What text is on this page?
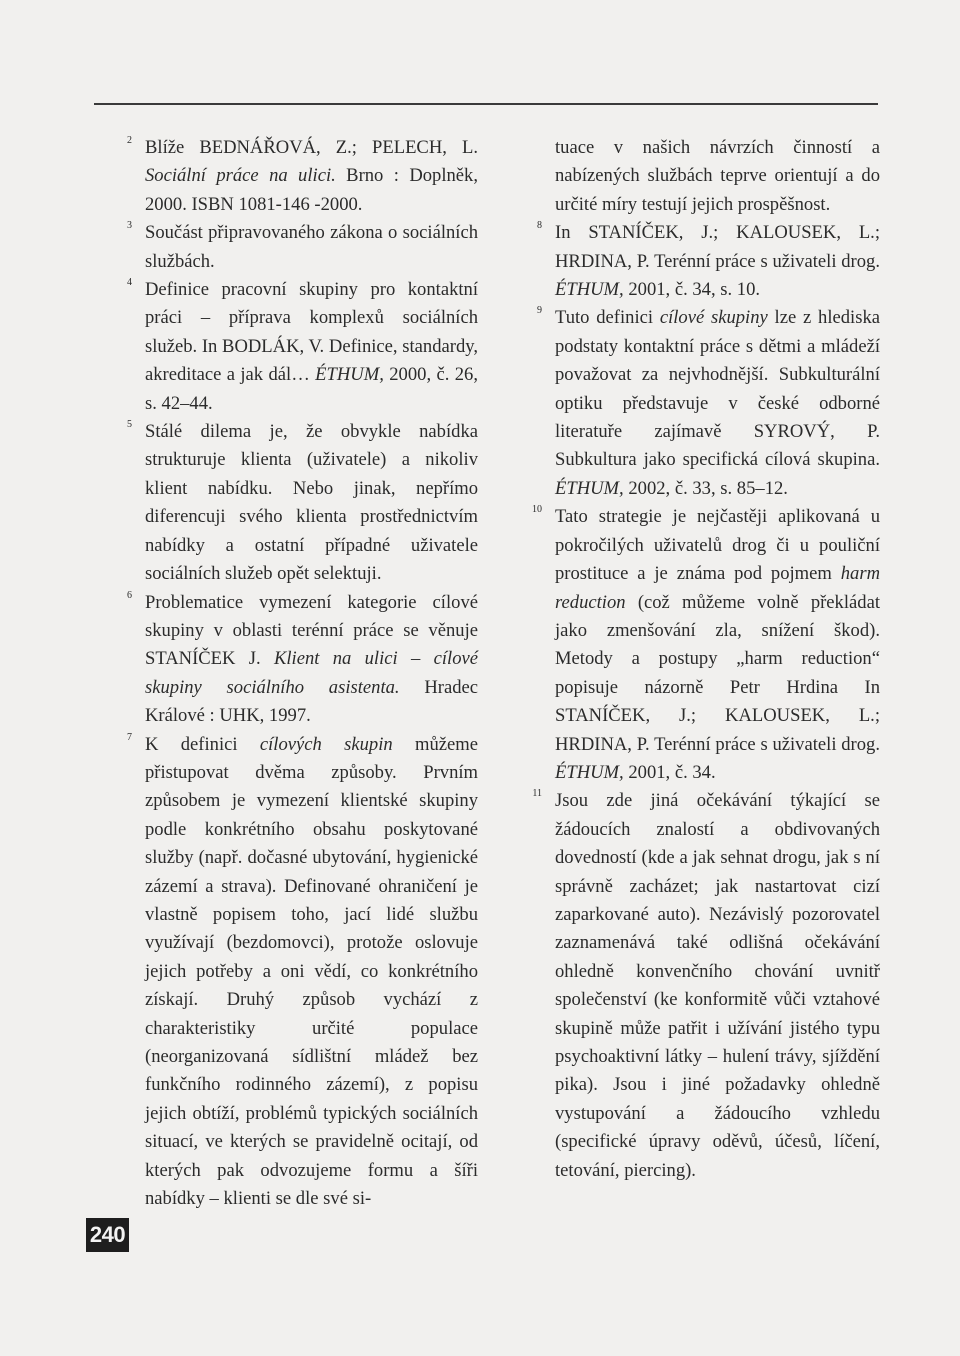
2 Blíže BEDNÁŘOVÁ, Z.; PELECH, L. Sociální práce na ulici. Brno : Doplněk, 2000. ISBN 1081-146 -2000.
3 Součást připravovaného zákona o sociálních službách.
4 Definice pracovní skupiny pro kontaktní práci – příprava komplexů sociálních služeb. In BODLÁK, V. Definice, standardy, akreditace a jak dál… ÉTHUM, 2000, č. 26, s. 42–44.
5 Stálé dilema je, že obvykle nabídka strukturuje klienta (uživatele) a nikoliv klient nabídku. Nebo jinak, nepřímo diferencuji svého klienta prostřednictvím nabídky a ostatní případné uživatele sociálních služeb opět selektuji.
6 Problematice vymezení kategorie cílové skupiny v oblasti terénní práce se věnuje STANÍČEK J. Klient na ulici – cílové skupiny sociálního asistenta. Hradec Králové : UHK, 1997.
7 K definici cílových skupin můžeme přistupovat dvěma způsoby. Prvním způsobem je vymezení klientské skupiny podle konkrétního obsahu poskytované služby (např. dočasné ubytování, hygienické zázemí a strava). Definované ohraničení je vlastně popisem toho, jací lidé službu využívají (bezdomovci), protože oslovuje jejich potřeby a oni vědí, co konkrétního získají. Druhý způsob vychází z charakteristiky určité populace (neorganizovaná sídlištní mládež bez funkčního rodinného zázemí), z popisu jejich obtíží, problémů typických sociálních situací, ve kterých se pravidelně ocitají, od kterých pak odvozujeme formu a šíři nabídky – klienti se dle své si-
tuace v našich návrzích činností a nabízených službách teprve orientují a do určité míry testují jejich prospěšnost.
8 In STANÍČEK, J.; KALOUSEK, L.; HRDINA, P. Terénní práce s uživateli drog. ÉTHUM, 2001, č. 34, s. 10.
9 Tuto definici cílové skupiny lze z hlediska podstaty kontaktní práce s dětmi a mládeží považovat za nejvhodnější. Subkulturální optiku představuje v české odborné literatuře zajímavě SYROVÝ, P. Subkultura jako specifická cílová skupina. ÉTHUM, 2002, č. 33, s. 85–12.
10 Tato strategie je nejčastěji aplikovaná u pokročilých uživatelů drog či u pouliční prostituce a je známa pod pojmem harm reduction (což můžeme volně překládat jako zmenšování zla, snížení škod). Metody a postupy „harm reduction“ popisuje názorně Petr Hrdina In STANÍČEK, J.; KALOUSEK, L.; HRDINA, P. Terénní práce s uživateli drog. ÉTHUM, 2001, č. 34.
11 Jsou zde jiná očekávání týkající se žádoucích znalostí a obdivovaných dovedností (kde a jak sehnat drogu, jak s ní správně zacházet; jak nastartovat cizí zaparkované auto). Nezávislý pozorovatel zaznamenává také odlišná očekávání ohledně konvenčního chování uvnitř společenství (ke konformitě vůči vztahové skupině může patřit i užívání jistého typu psychoaktivní látky – hulení trávy, sjíždění pika). Jsou i jiné požadavky ohledně vystupování a žádoucího vzhledu (specifické úpravy oděvů, účesů, líčení, tetování, piercing).
240
